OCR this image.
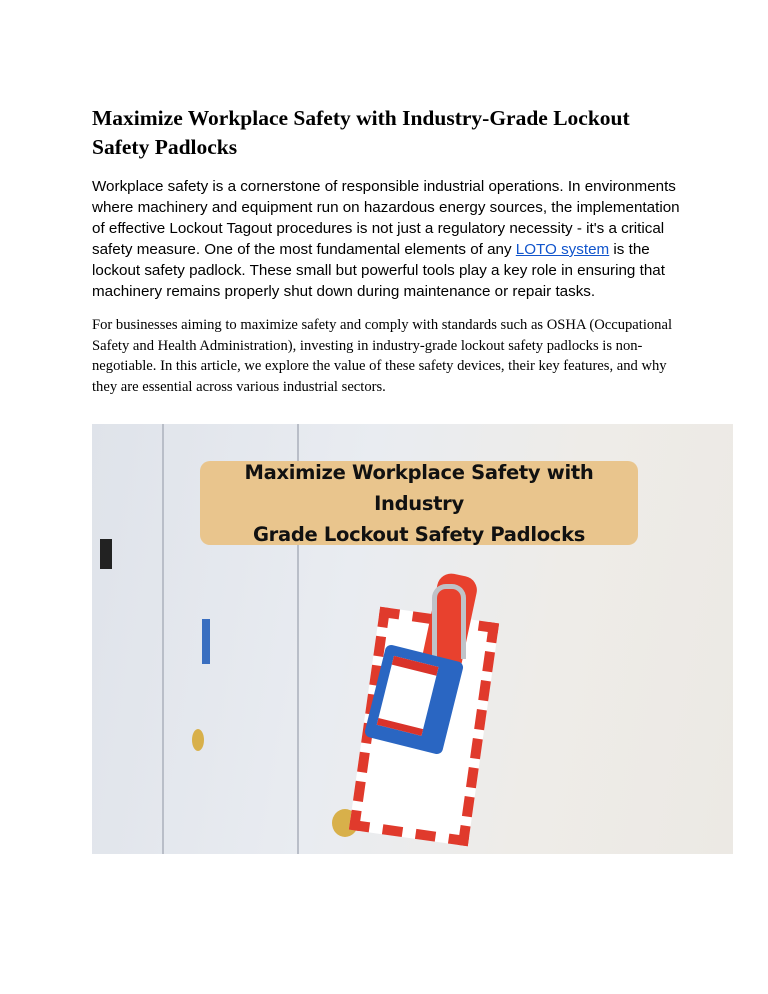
Maximize Workplace Safety with Industry-Grade Lockout Safety Padlocks

Workplace safety is a cornerstone of responsible industrial operations. In environments where machinery and equipment run on hazardous energy sources, the implementation of effective Lockout Tagout procedures is not just a regulatory necessity - it's a critical safety measure. One of the most fundamental elements of any LOTO system is the lockout safety padlock. These small but powerful tools play a key role in ensuring that machinery remains properly shut down during maintenance or repair tasks.

For businesses aiming to maximize safety and comply with standards such as OSHA (Occupational Safety and Health Administration), investing in industry-grade lockout safety padlocks is non-negotiable. In this article, we explore the value of these safety devices, their key features, and why they are essential across various industrial sectors.

Maximize Workplace Safety with Industry
Grade Lockout Safety Padlocks
